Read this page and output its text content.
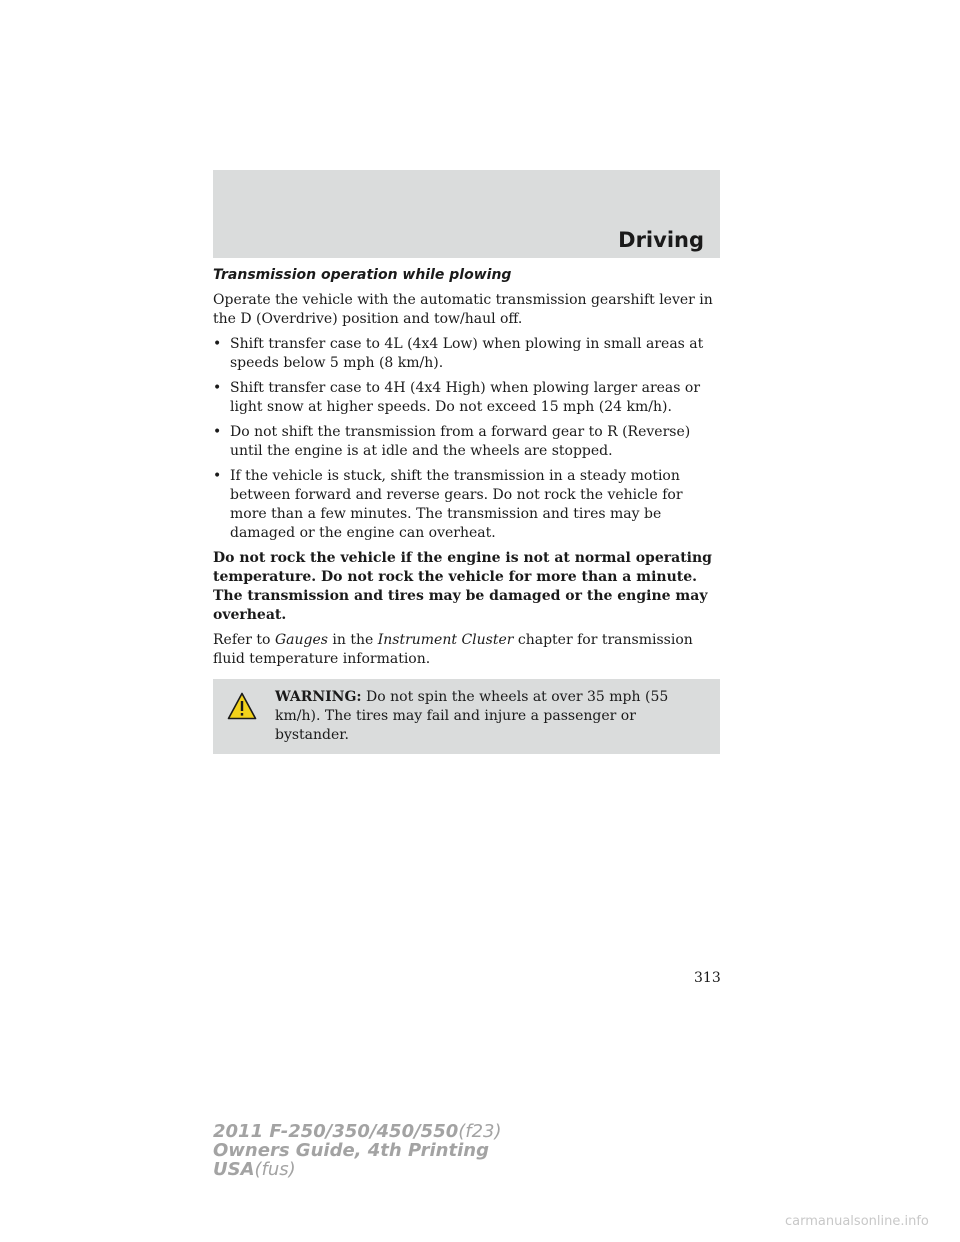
Driving
Transmission operation while plowing

Operate the vehicle with the automatic transmission gearshift lever in the D (Overdrive) position and tow/haul off.

• Shift transfer case to 4L (4x4 Low) when plowing in small areas at speeds below 5 mph (8 km/h).
• Shift transfer case to 4H (4x4 High) when plowing larger areas or light snow at higher speeds. Do not exceed 15 mph (24 km/h).
• Do not shift the transmission from a forward gear to R (Reverse) until the engine is at idle and the wheels are stopped.
• If the vehicle is stuck, shift the transmission in a steady motion between forward and reverse gears. Do not rock the vehicle for more than a few minutes. The transmission and tires may be damaged or the engine can overheat.

Do not rock the vehicle if the engine is not at normal operating temperature. Do not rock the vehicle for more than a minute. The transmission and tires may be damaged or the engine may overheat.

Refer to Gauges in the Instrument Cluster chapter for transmission fluid temperature information.

WARNING: Do not spin the wheels at over 35 mph (55 km/h). The tires may fail and injure a passenger or bystander.
313
2011 F-250/350/450/550(f23)
Owners Guide, 4th Printing
USA(fus)
carmanualsonline.info
